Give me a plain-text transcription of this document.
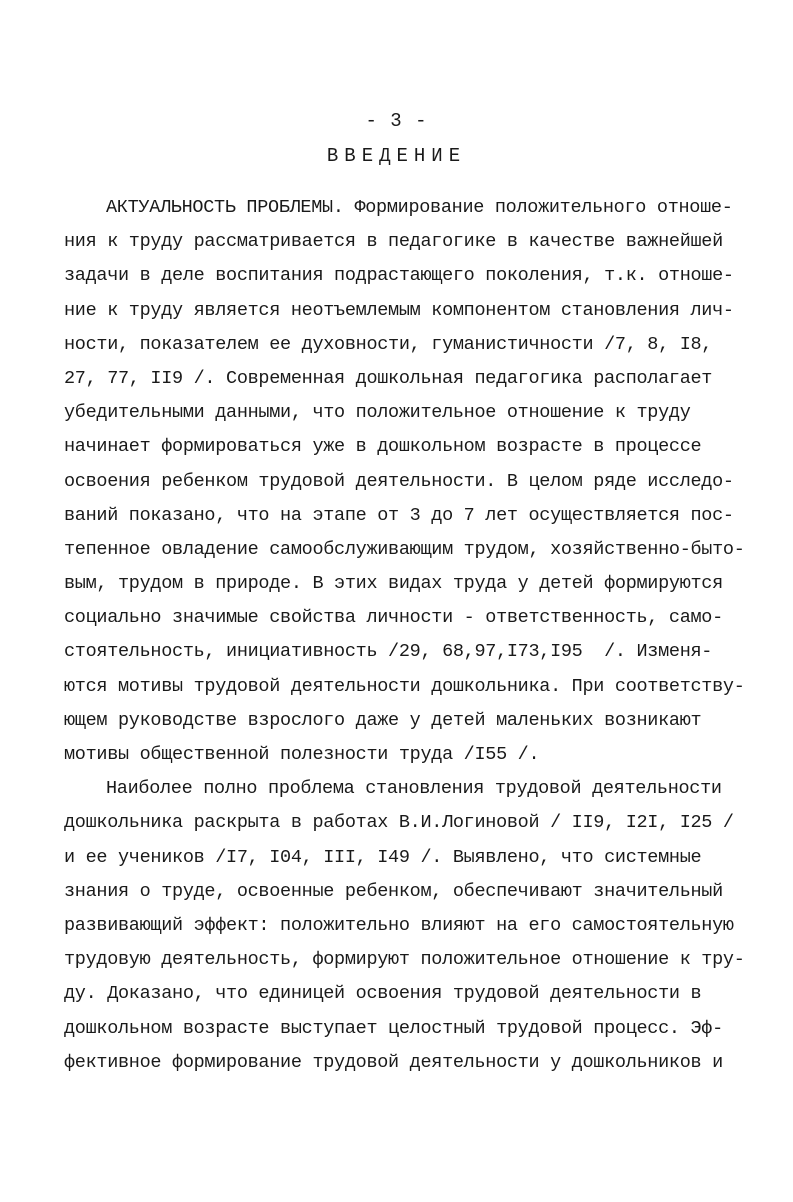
- 3 -
ВВЕДЕНИЕ
АКТУАЛЬНОСТЬ ПРОБЛЕМЫ. Формирование положительного отноше-
ния к труду рассматривается в педагогике в качестве важнейшей
задачи в деле воспитания подрастающего поколения, т.к. отноше-
ние к труду является неотъемлемым компонентом становления лич-
ности, показателем ее духовности, гуманистичности /7, 8, I8,
27, 77, II9 /. Современная дошкольная педагогика располагает
убедительными данными, что положительное отношение к труду
начинает формироваться уже в дошкольном возрасте в процессе
освоения ребенком трудовой деятельности. В целом ряде исследо-
ваний показано, что на этапе от 3 до 7 лет осуществляется пос-
тепенное овладение самообслуживающим трудом, хозяйственно-быто-
вым, трудом в природе. В этих видах труда у детей формируются
социально значимые свойства личности - ответственность, само-
стоятельность, инициативность /29, 68,97,I73,I95  /. Изменя-
ются мотивы трудовой деятельности дошкольника. При соответству-
ющем руководстве взрослого даже у детей маленьких возникают
мотивы общественной полезности труда /I55 /.
Наиболее полно проблема становления трудовой деятельности
дошкольника раскрыта в работах В.И.Логиновой / II9, I2I, I25 /
и ее учеников /I7, I04, III, I49 /. Выявлено, что системные
знания о труде, освоенные ребенком, обеспечивают значительный
развивающий эффект: положительно влияют на его самостоятельную
трудовую деятельность, формируют положительное отношение к тру-
ду. Доказано, что единицей освоения трудовой деятельности в
дошкольном возрасте выступает целостный трудовой процесс. Эф-
фективное формирование трудовой деятельности у дошкольников и
